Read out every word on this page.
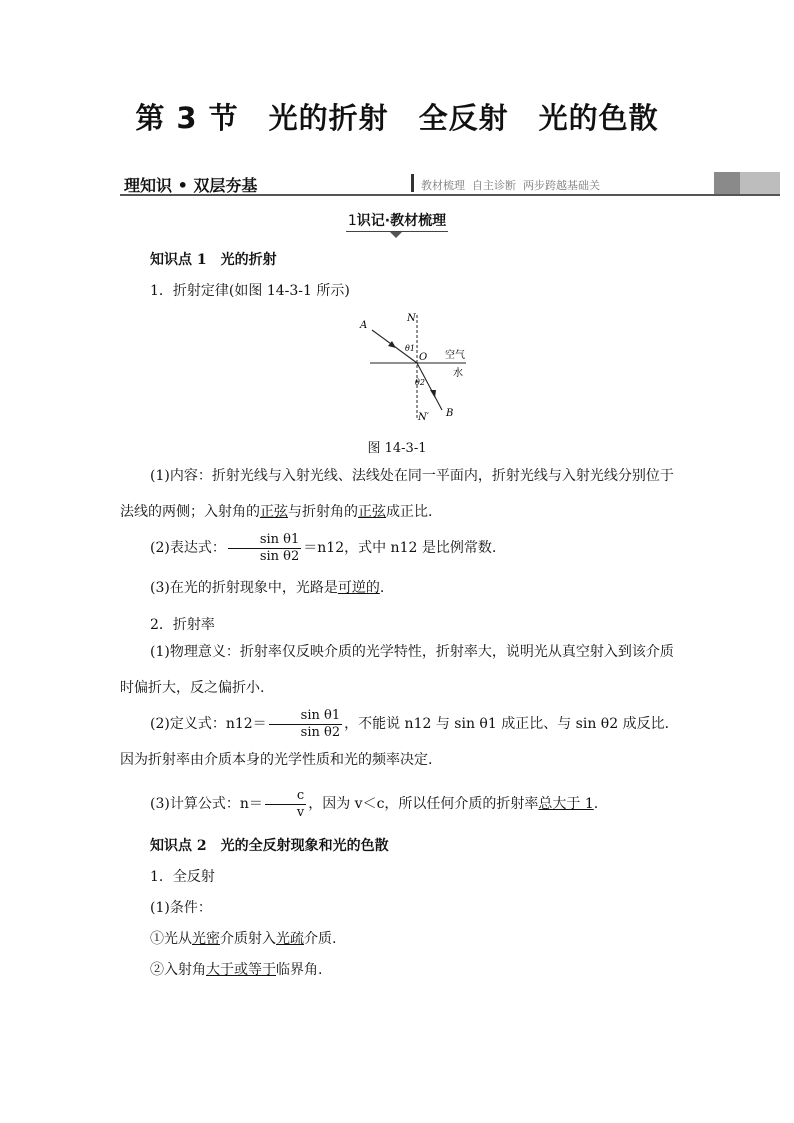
第 3 节　光的折射　全反射　光的色散
理知识 • 双层夯基	教材梳理  自主诊断  两步跨越基础关
1识记·教材梳理
知识点 1　光的折射
1．折射定律(如图 14-3-1 所示)
A
N
θ1
O 空气
水
θ2
N′ B
图 14-3-1
(1)内容：折射光线与入射光线、法线处在同一平面内，折射光线与入射光线分别位于法线的两侧；入射角的正弦与折射角的正弦成正比.
(2)表达式： $\frac{\text{sin θ1}}{\text{sin θ2}} =n12$，式中 n12 是比例常数.
(3)在光的折射现象中，光路是可逆的.
2．折射率
(1)物理意义：折射率仅反映介质的光学特性，折射率大，说明光从真空射入到该介质时偏折大，反之偏折小.
(2)定义式：$n12= \frac{\text{sin θ1}}{\text{sin θ2}}$ ，不能说 n12 与 sin θ1 成正比、与 sin θ2 成反比．因为折射率由介质本身的光学性质和光的频率决定.
(3)计算公式：$n= \frac{c}{v}$ ，因为 v＜c，所以任何介质的折射率总大于 1.
知识点 2　光的全反射现象和光的色散
1．全反射
(1)条件：
①光从光密介质射入光疏介质.
②入射角大于或等于临界角.
